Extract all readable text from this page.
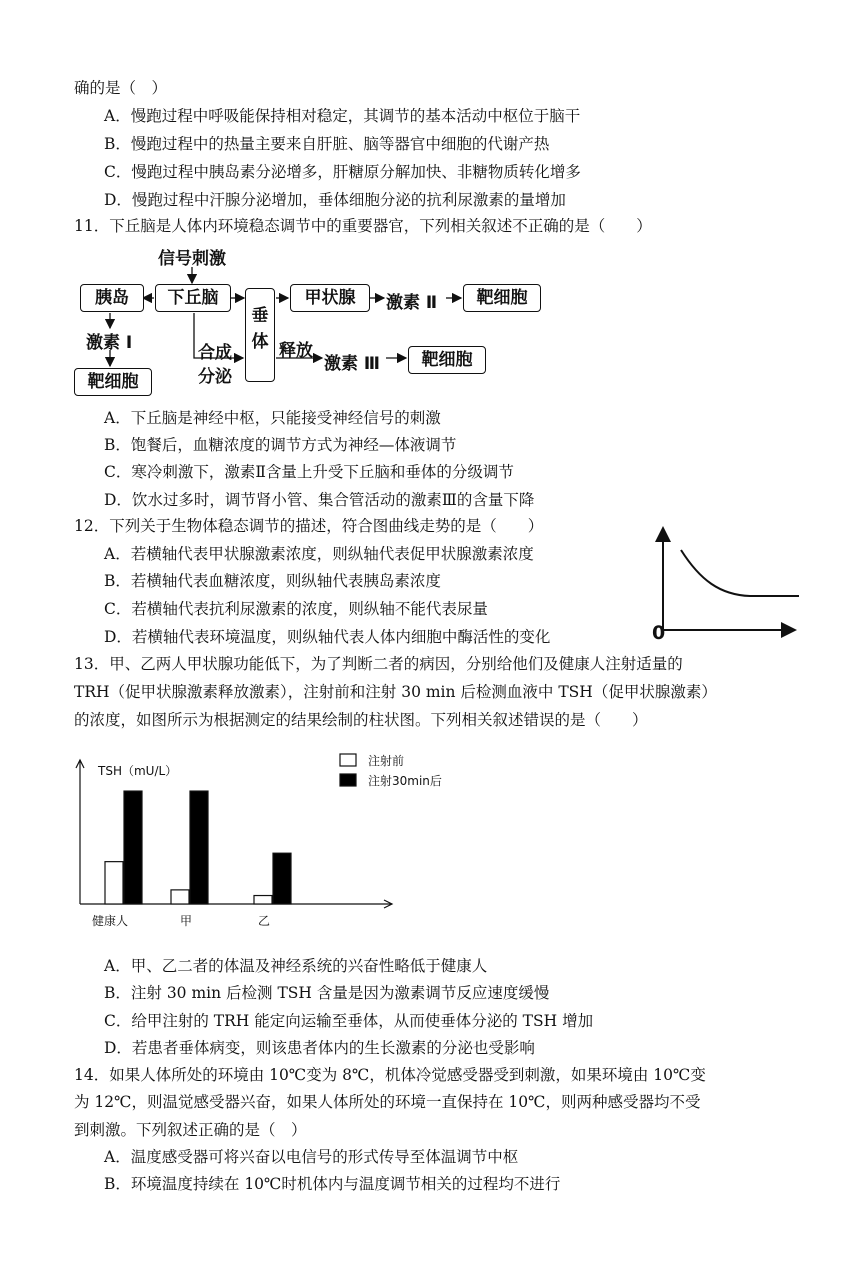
确的是（　）
A．慢跑过程中呼吸能保持相对稳定，其调节的基本活动中枢位于脑干
B．慢跑过程中的热量主要来自肝脏、脑等器官中细胞的代谢产热
C．慢跑过程中胰岛素分泌增多，肝糖原分解加快、非糖物质转化增多
D．慢跑过程中汗腺分泌增加，垂体细胞分泌的抗利尿激素的量增加
11．下丘脑是人体内环境稳态调节中的重要器官，下列相关叙述不正确的是（　　）
信号刺激
胰岛	下丘脑
垂体
甲状腺	激素 Ⅱ	靶细胞
激素 Ⅰ
靶细胞
合成
分泌
释放
激素 Ⅲ	靶细胞
A．下丘脑是神经中枢，只能接受神经信号的刺激
B．饱餐后，血糖浓度的调节方式为神经—体液调节
C．寒冷刺激下，激素Ⅱ含量上升受下丘脑和垂体的分级调节
D．饮水过多时，调节肾小管、集合管活动的激素Ⅲ的含量下降
12．下列关于生物体稳态调节的描述，符合图曲线走势的是（　　）
A．若横轴代表甲状腺激素浓度，则纵轴代表促甲状腺激素浓度
B．若横轴代表血糖浓度，则纵轴代表胰岛素浓度
C．若横轴代表抗利尿激素的浓度，则纵轴不能代表尿量
D．若横轴代表环境温度，则纵轴代表人体内细胞中酶活性的变化	0
13．甲、乙两人甲状腺功能低下，为了判断二者的病因，分别给他们及健康人注射适量的
TRH（促甲状腺激素释放激素），注射前和注射 30 min 后检测血液中 TSH（促甲状腺激素）
的浓度，如图所示为根据测定的结果绘制的柱状图。下列相关叙述错误的是（　　）
TSH（mU/L）
注射前
注射30min后
健康人	甲	乙
A．甲、乙二者的体温及神经系统的兴奋性略低于健康人
B．注射 30 min 后检测 TSH 含量是因为激素调节反应速度缓慢
C．给甲注射的 TRH 能定向运输至垂体，从而使垂体分泌的 TSH 增加
D．若患者垂体病变，则该患者体内的生长激素的分泌也受影响
14．如果人体所处的环境由 10℃变为 8℃，机体冷觉感受器受到刺激，如果环境由 10℃变
为 12℃，则温觉感受器兴奋，如果人体所处的环境一直保持在 10℃，则两种感受器均不受
到刺激。下列叙述正确的是（　）
A．温度感受器可将兴奋以电信号的形式传导至体温调节中枢
B．环境温度持续在 10℃时机体内与温度调节相关的过程均不进行
